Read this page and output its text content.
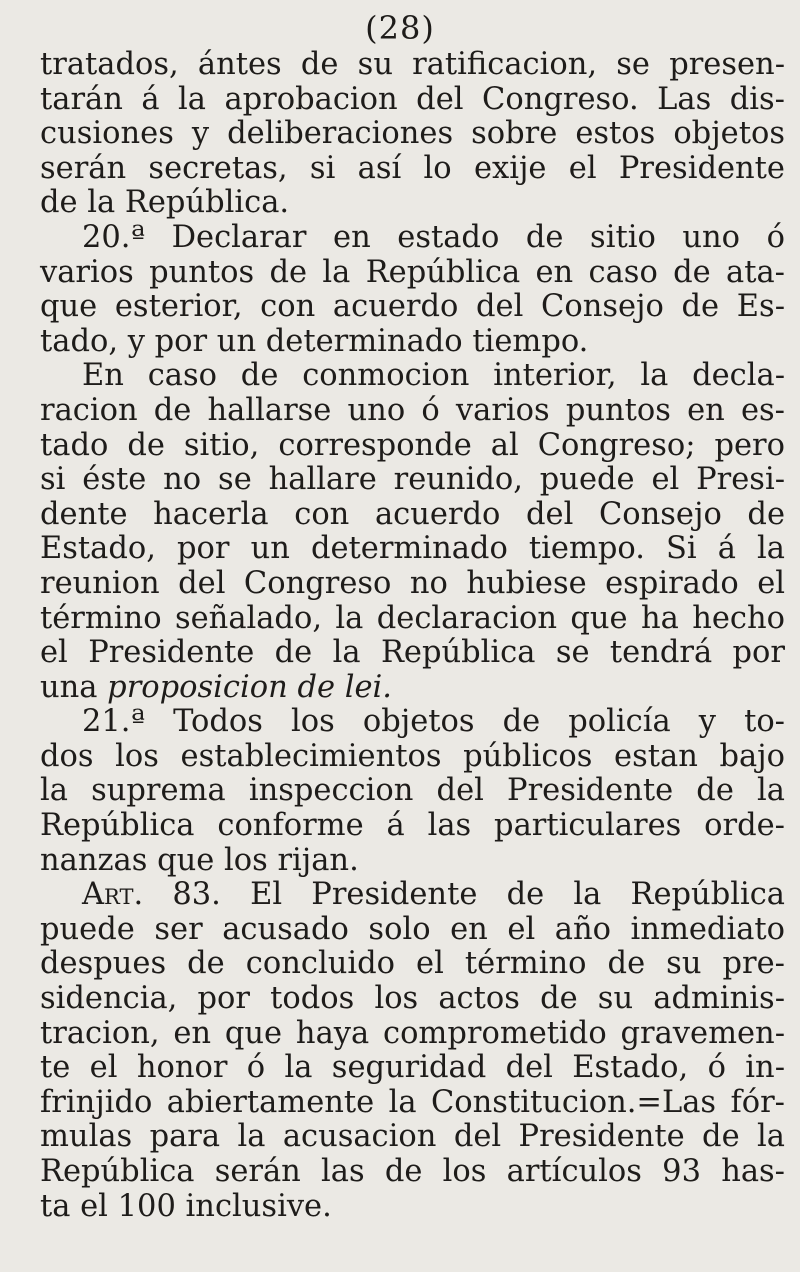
(28)
tratados, ántes de su ratificacion, se presen-
tarán á la aprobacion del Congreso. Las dis-
cusiones y deliberaciones sobre estos objetos
serán secretas, si así lo exije el Presidente
de la República.
20.ª Declarar en estado de sitio uno ó
varios puntos de la República en caso de ata-
que esterior, con acuerdo del Consejo de Es-
tado, y por un determinado tiempo.
En caso de conmocion interior, la decla-
racion de hallarse uno ó varios puntos en es-
tado de sitio, corresponde al Congreso; pero
si éste no se hallare reunido, puede el Presi-
dente hacerla con acuerdo del Consejo de
Estado, por un determinado tiempo. Si á la
reunion del Congreso no hubiese espirado el
término señalado, la declaracion que ha hecho
el Presidente de la República se tendrá por
una proposicion de lei.
21.ª Todos los objetos de policía y to-
dos los establecimientos públicos estan bajo
la suprema inspeccion del Presidente de la
República conforme á las particulares orde-
nanzas que los rijan.
Art. 83. El Presidente de la República
puede ser acusado solo en el año inmediato
despues de concluido el término de su pre-
sidencia, por todos los actos de su adminis-
tracion, en que haya comprometido gravemen-
te el honor ó la seguridad del Estado, ó in-
frinjido abiertamente la Constitucion.=Las fór-
mulas para la acusacion del Presidente de la
República serán las de los artículos 93 has-
ta el 100 inclusive.
